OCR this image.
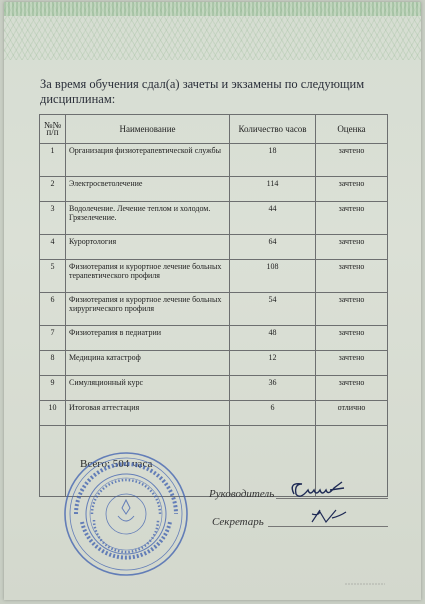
За время обучения сдал(а) зачеты и экзамены по следующим дисциплинам:
№№ п/п	Наименование	Количество часов	Оценка
1	Организация физиотерапевтической службы	18	зачтено
2	Электросветолечение	114	зачтено
3	Водолечение. Лечение теплом и холодом. Грязелечение.	44	зачтено
4	Курортология	64	зачтено
5	Физиотерапия и курортное лечение больных терапевтического профиля	108	зачтено
6	Физиотерапия и курортное лечение больных хирургического профиля	54	зачтено
7	Физиотерапия в педиатрии	48	зачтено
8	Медицина катастроф	12	зачтено
9	Симуляционный курс	36	зачтено
10	Итоговая аттестация	6	отлично

Всего: 504 часа
Руководитель
Секретарь
